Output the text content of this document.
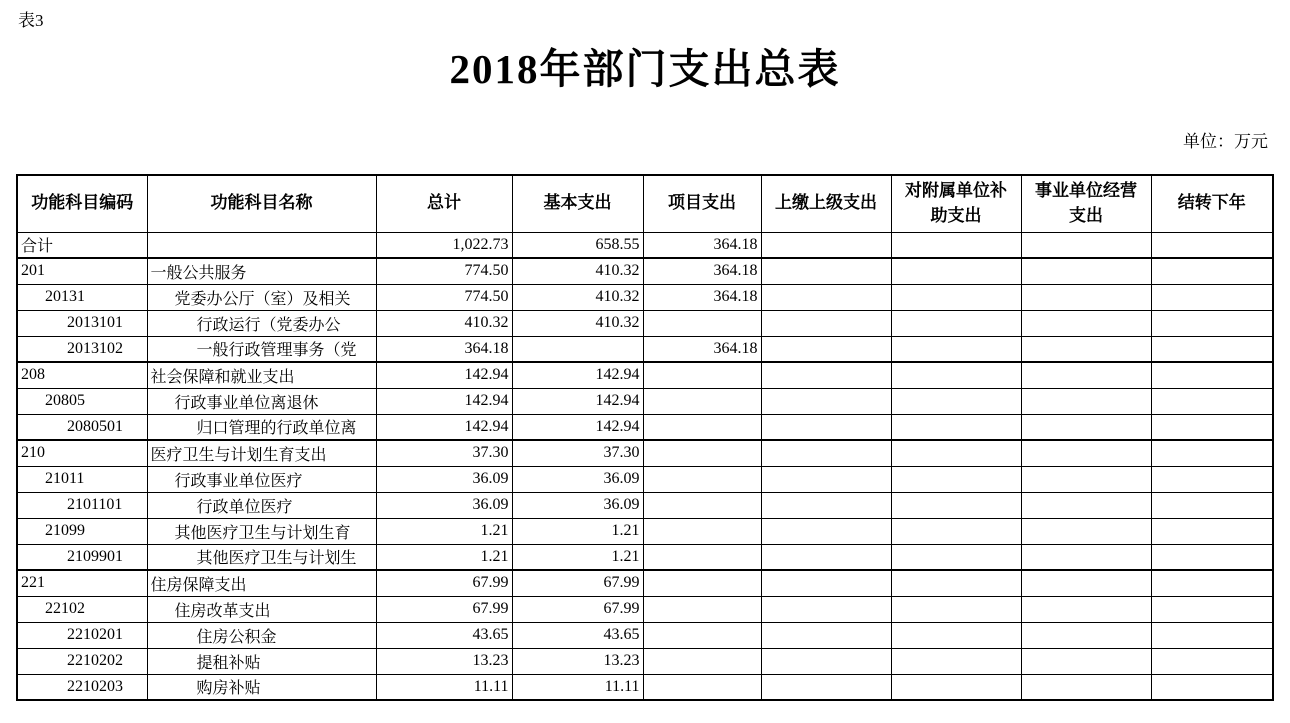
表3
2018年部门支出总表
单位：万元
功能科目编码	功能科目名称	总计	基本支出	项目支出	上缴上级支出	对附属单位补助支出	事业单位经营支出	结转下年
合计		1,022.73	658.55	364.18				
201	一般公共服务	774.50	410.32	364.18				
20131	党委办公厅（室）及相关	774.50	410.32	364.18				
2013101	行政运行（党委办公	410.32	410.32					
2013102	一般行政管理事务（党	364.18		364.18				
208	社会保障和就业支出	142.94	142.94					
20805	行政事业单位离退休	142.94	142.94					
2080501	归口管理的行政单位离	142.94	142.94					
210	医疗卫生与计划生育支出	37.30	37.30					
21011	行政事业单位医疗	36.09	36.09					
2101101	行政单位医疗	36.09	36.09					
21099	其他医疗卫生与计划生育	1.21	1.21					
2109901	其他医疗卫生与计划生	1.21	1.21					
221	住房保障支出	67.99	67.99					
22102	住房改革支出	67.99	67.99					
2210201	住房公积金	43.65	43.65					
2210202	提租补贴	13.23	13.23					
2210203	购房补贴	11.11	11.11					
